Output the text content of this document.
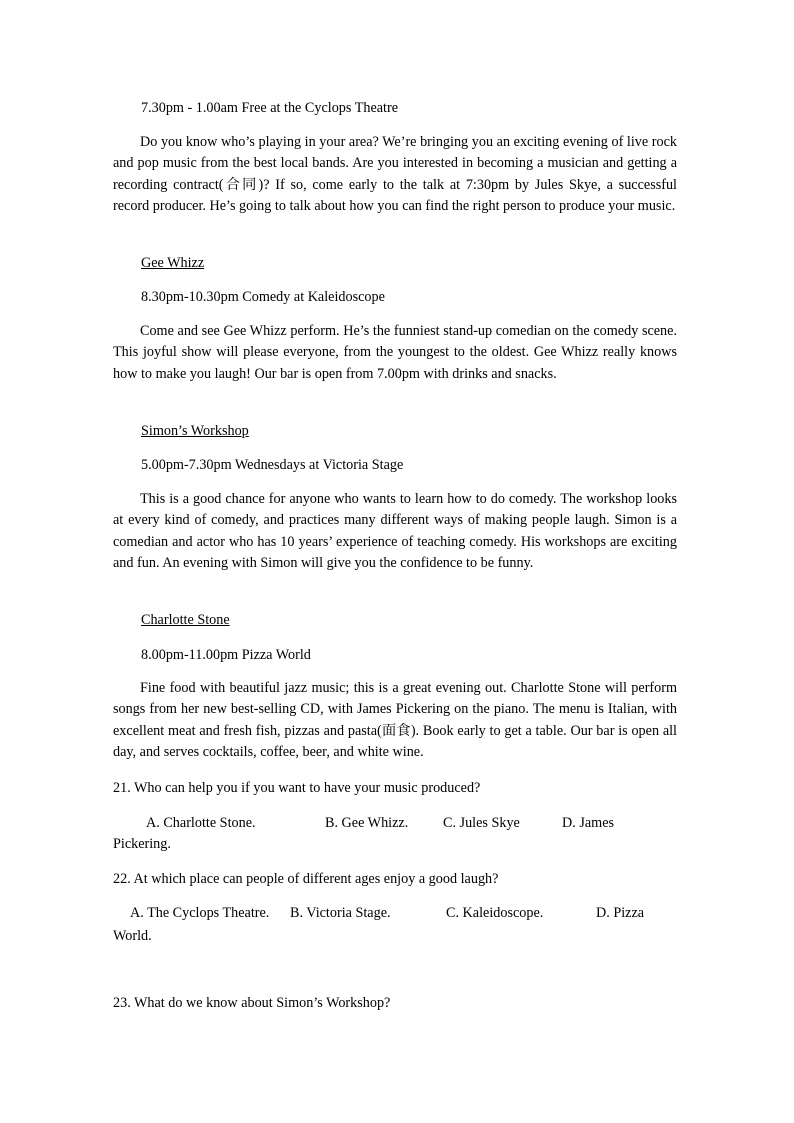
7.30pm - 1.00am Free at the Cyclops Theatre
Do you know who’s playing in your area? We’re bringing you an exciting evening of live rock and pop music from the best local bands. Are you interested in becoming a musician and getting a recording contract(合同)? If so, come early to the talk at 7:30pm by Jules Skye, a successful record producer. He’s going to talk about how you can find the right person to produce your music.
Gee Whizz
8.30pm-10.30pm Comedy at Kaleidoscope
Come and see Gee Whizz perform. He’s the funniest stand-up comedian on the comedy scene. This joyful show will please everyone, from the youngest to the oldest. Gee Whizz really knows how to make you laugh! Our bar is open from 7.00pm with drinks and snacks.
Simon’s Workshop
5.00pm-7.30pm Wednesdays at Victoria Stage
This is a good chance for anyone who wants to learn how to do comedy. The workshop looks at every kind of comedy, and practices many different ways of making people laugh. Simon is a comedian and actor who has 10 years’ experience of teaching comedy. His workshops are exciting and fun. An evening with Simon will give you the confidence to be funny.
Charlotte Stone
8.00pm-11.00pm Pizza World
Fine food with beautiful jazz music; this is a great evening out. Charlotte Stone will perform songs from her new best-selling CD, with James Pickering on the piano. The menu is Italian, with excellent meat and fresh fish, pizzas and pasta(面食). Book early to get a table. Our bar is open all day, and serves cocktails, coffee, beer, and white wine.
21. Who can help you if you want to have your music produced?
A. Charlotte Stone.	B. Gee Whizz. C. Jules Skye	D. James
Pickering.
22. At which place can people of different ages enjoy a good laugh?
A. The Cyclops Theatre. B. Victoria Stage.	C. Kaleidoscope.	D. Pizza
World.
23. What do we know about Simon’s Workshop?
